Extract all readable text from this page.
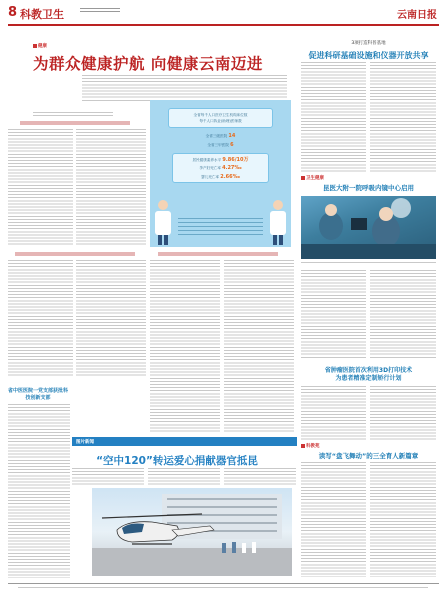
8 科教卫生	云南日报
健康
为群众健康护航 向健康云南迈进
全省每千人口医疗卫生机构床位数
每千人口执业(助理)医师数
全省三级医院 14
全省三甲医院 6
居民健康素养水平 9.86/10万
孕产妇死亡率 4.27‰
婴儿死亡率 2.66‰
省中医医院一党支部获批科技创新支部
3项打造科普基地
促进科研基础设施和仪器开放共享
卫生健康
昆医大附一院呼吸内镜中心启用
省肿瘤医院首次利用3D打印技术
为患者精准定制矫行计划
科教苑
读写“盘飞舞动”的三全育人新篇章
图片新闻
“空中120”转运爱心捐献器官抵昆
